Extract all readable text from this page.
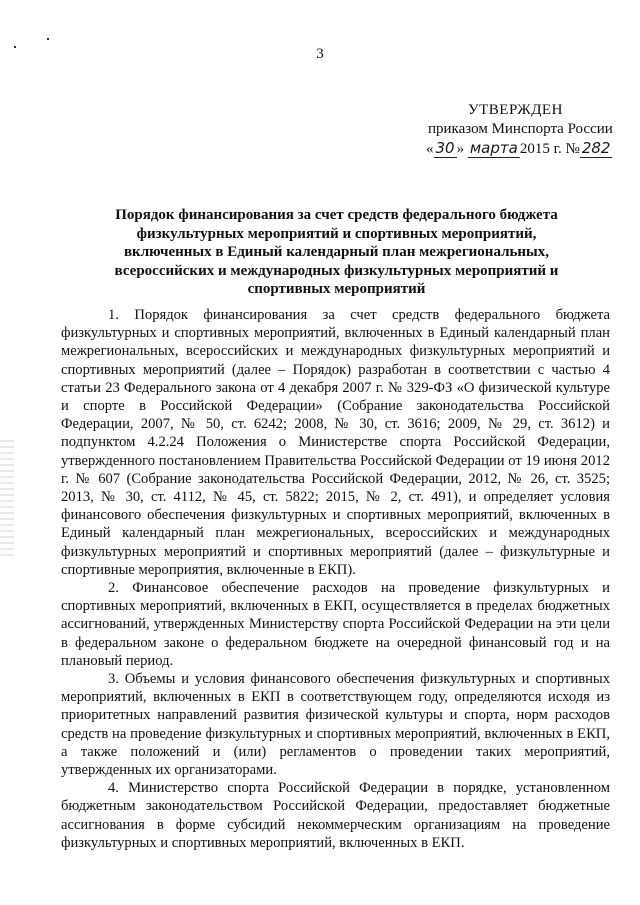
3
УТВЕРЖДЕН
приказом Минспорта России
« 30 » марта 2015 г. № 282
Порядок финансирования за счет средств федерального бюджета
физкультурных мероприятий и спортивных мероприятий,
включенных в Единый календарный план межрегиональных,
всероссийских и международных физкультурных мероприятий и
спортивных мероприятий

1. Порядок финансирования за счет средств федерального бюджета физкультурных и спортивных мероприятий, включенных в Единый календарный план межрегиональных, всероссийских и международных физкультурных мероприятий и спортивных мероприятий (далее – Порядок) разработан в соответствии с частью 4 статьи 23 Федерального закона от 4 декабря 2007 г. № 329-ФЗ «О физической культуре и спорте в Российской Федерации» (Собрание законодательства Российской Федерации, 2007, № 50, ст. 6242; 2008, № 30, ст. 3616; 2009, № 29, ст. 3612) и подпунктом 4.2.24 Положения о Министерстве спорта Российской Федерации, утвержденного постановлением Правительства Российской Федерации от 19 июня 2012 г. № 607 (Собрание законодательства Российской Федерации, 2012, № 26, ст. 3525; 2013, № 30, ст. 4112, № 45, ст. 5822; 2015, № 2, ст. 491), и определяет условия финансового обеспечения физкультурных и спортивных мероприятий, включенных в Единый календарный план межрегиональных, всероссийских и международных физкультурных мероприятий и спортивных мероприятий (далее – физкультурные и спортивные мероприятия, включенные в ЕКП).

2. Финансовое обеспечение расходов на проведение физкультурных и спортивных мероприятий, включенных в ЕКП, осуществляется в пределах бюджетных ассигнований, утвержденных Министерству спорта Российской Федерации на эти цели в федеральном законе о федеральном бюджете на очередной финансовый год и на плановый период.

3. Объемы и условия финансового обеспечения физкультурных и спортивных мероприятий, включенных в ЕКП в соответствующем году, определяются исходя из приоритетных направлений развития физической культуры и спорта, норм расходов средств на проведение физкультурных и спортивных мероприятий, включенных в ЕКП, а также положений и (или) регламентов о проведении таких мероприятий, утвержденных их организаторами.

4. Министерство спорта Российской Федерации в порядке, установленном бюджетным законодательством Российской Федерации, предоставляет бюджетные ассигнования в форме субсидий некоммерческим организациям на проведение физкультурных и спортивных мероприятий, включенных в ЕКП.
